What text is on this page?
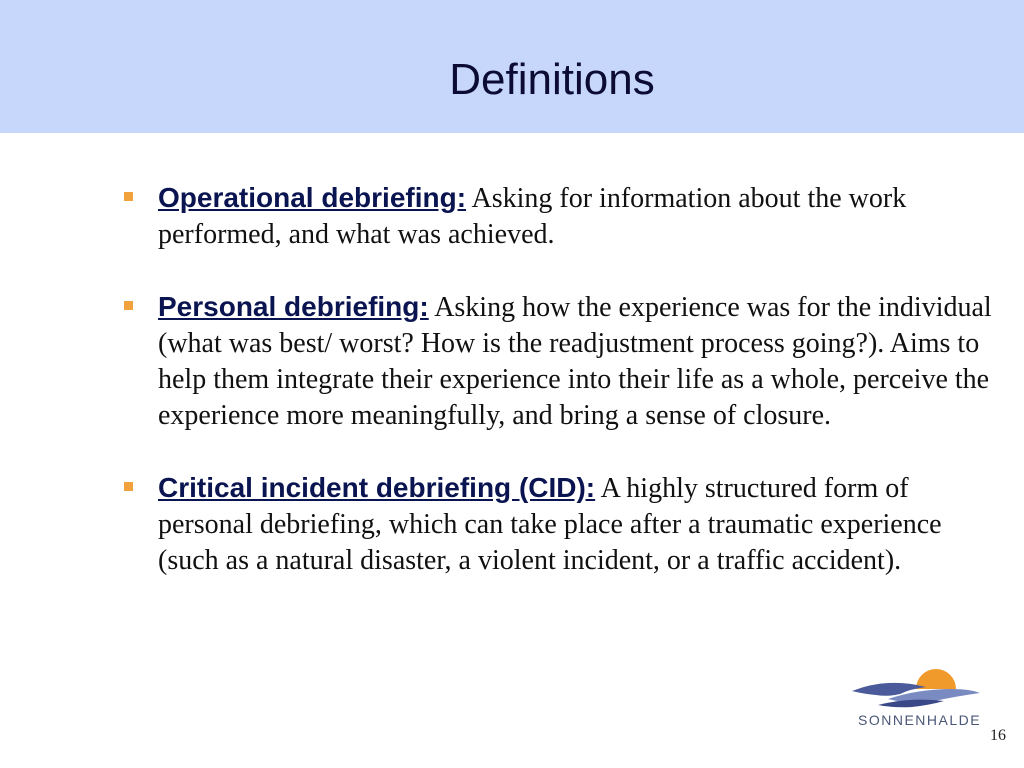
Definitions
Operational debriefing: Asking for information about the work performed, and what was achieved.
Personal debriefing: Asking how the experience was for the individual (what was best/ worst? How is the readjustment process going?). Aims to help them integrate their experience into their life as a whole, perceive the experience more meaningfully, and bring a sense of closure.
Critical incident debriefing (CID): A highly structured form of personal debriefing, which can take place after a traumatic experience (such as a natural disaster, a violent incident, or a traffic accident).
SONNENHALDE
16
